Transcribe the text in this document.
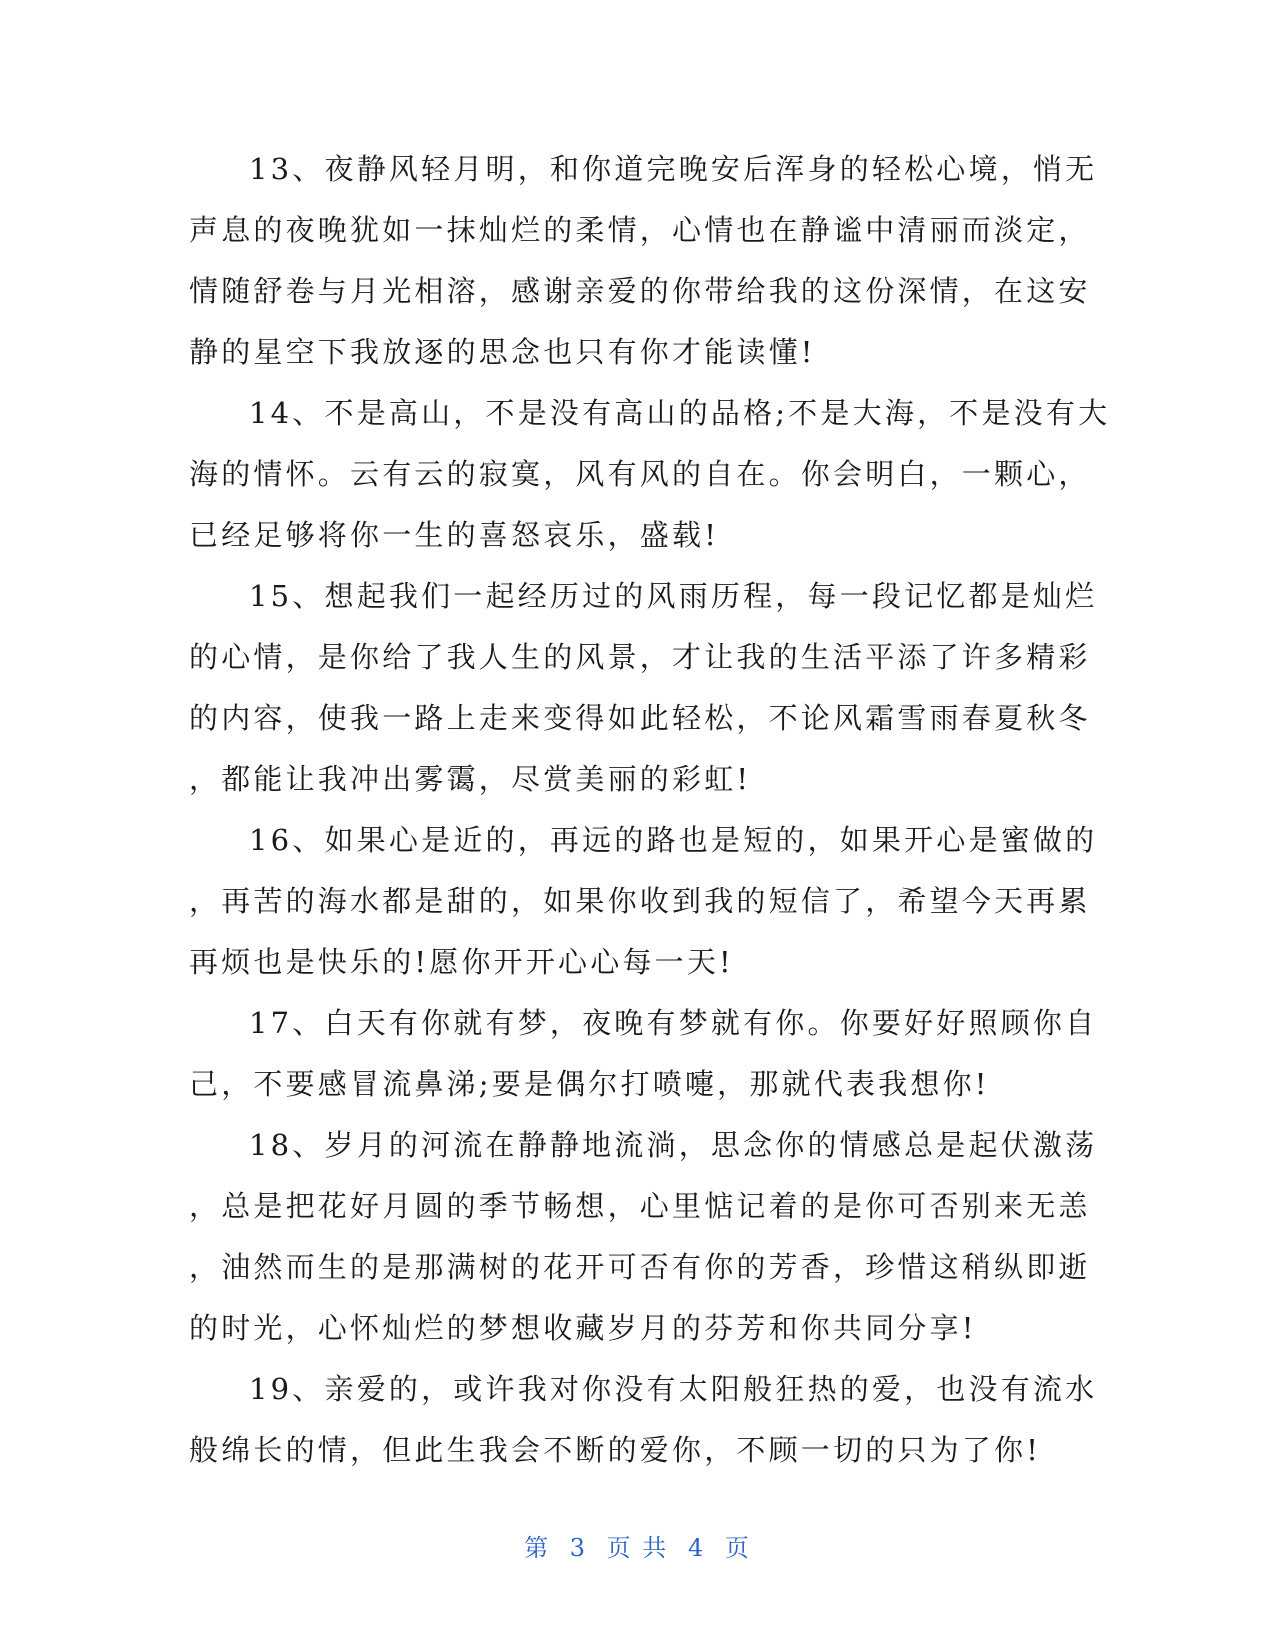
13、夜静风轻月明，和你道完晚安后浑身的轻松心境，悄无
声息的夜晚犹如一抹灿烂的柔情，心情也在静谧中清丽而淡定，
情随舒卷与月光相溶，感谢亲爱的你带给我的这份深情，在这安
静的星空下我放逐的思念也只有你才能读懂!
14、不是高山，不是没有高山的品格;不是大海，不是没有大
海的情怀。云有云的寂寞，风有风的自在。你会明白，一颗心，
已经足够将你一生的喜怒哀乐，盛载!
15、想起我们一起经历过的风雨历程，每一段记忆都是灿烂
的心情，是你给了我人生的风景，才让我的生活平添了许多精彩
的内容，使我一路上走来变得如此轻松，不论风霜雪雨春夏秋冬
，都能让我冲出雾霭，尽赏美丽的彩虹!
16、如果心是近的，再远的路也是短的，如果开心是蜜做的
，再苦的海水都是甜的，如果你收到我的短信了，希望今天再累
再烦也是快乐的!愿你开开心心每一天!
17、白天有你就有梦，夜晚有梦就有你。你要好好照顾你自
己，不要感冒流鼻涕;要是偶尔打喷嚏，那就代表我想你!
18、岁月的河流在静静地流淌，思念你的情感总是起伏激荡
，总是把花好月圆的季节畅想，心里惦记着的是你可否别来无恙
，油然而生的是那满树的花开可否有你的芳香，珍惜这稍纵即逝
的时光，心怀灿烂的梦想收藏岁月的芬芳和你共同分享!
19、亲爱的，或许我对你没有太阳般狂热的爱，也没有流水
般绵长的情，但此生我会不断的爱你，不顾一切的只为了你!
第 3 页 共 4 页
